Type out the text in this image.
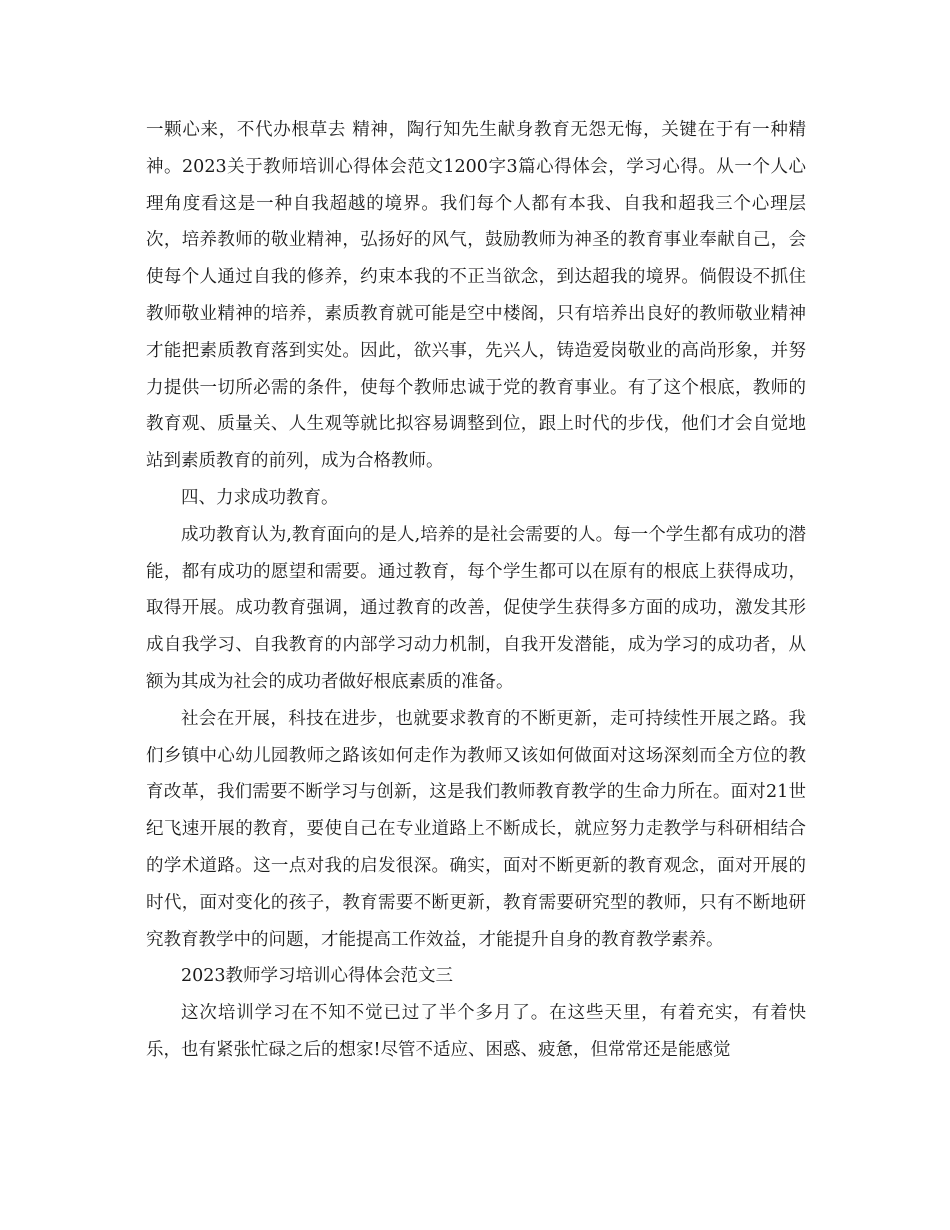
一颗心来，不代办根草去 精神，陶行知先生献身教育无怨无悔，关键在于有一种精神。2023关于教师培训心得体会范文1200字3篇心得体会，学习心得。从一个人心理角度看这是一种自我超越的境界。我们每个人都有本我、自我和超我三个心理层次，培养教师的敬业精神，弘扬好的风气，鼓励教师为神圣的教育事业奉献自己，会使每个人通过自我的修养，约束本我的不正当欲念，到达超我的境界。倘假设不抓住教师敬业精神的培养，素质教育就可能是空中楼阁，只有培养出良好的教师敬业精神才能把素质教育落到实处。因此，欲兴事，先兴人，铸造爱岗敬业的高尚形象，并努力提供一切所必需的条件，使每个教师忠诚于党的教育事业。有了这个根底，教师的教育观、质量关、人生观等就比拟容易调整到位，跟上时代的步伐，他们才会自觉地站到素质教育的前列，成为合格教师。

四、力求成功教育。

成功教育认为,教育面向的是人,培养的是社会需要的人。每一个学生都有成功的潜能，都有成功的愿望和需要。通过教育，每个学生都可以在原有的根底上获得成功，取得开展。成功教育强调，通过教育的改善，促使学生获得多方面的成功，激发其形成自我学习、自我教育的内部学习动力机制，自我开发潜能，成为学习的成功者，从额为其成为社会的成功者做好根底素质的准备。

社会在开展，科技在进步，也就要求教育的不断更新，走可持续性开展之路。我们乡镇中心幼儿园教师之路该如何走作为教师又该如何做面对这场深刻而全方位的教育改革，我们需要不断学习与创新，这是我们教师教育教学的生命力所在。面对21世纪飞速开展的教育，要使自己在专业道路上不断成长，就应努力走教学与科研相结合的学术道路。这一点对我的启发很深。确实，面对不断更新的教育观念，面对开展的时代，面对变化的孩子，教育需要不断更新，教育需要研究型的教师，只有不断地研究教育教学中的问题，才能提高工作效益，才能提升自身的教育教学素养。

2023教师学习培训心得体会范文三

这次培训学习在不知不觉已过了半个多月了。在这些天里，有着充实，有着快乐，也有紧张忙碌之后的想家!尽管不适应、困惑、疲惫，但常常还是能感觉
